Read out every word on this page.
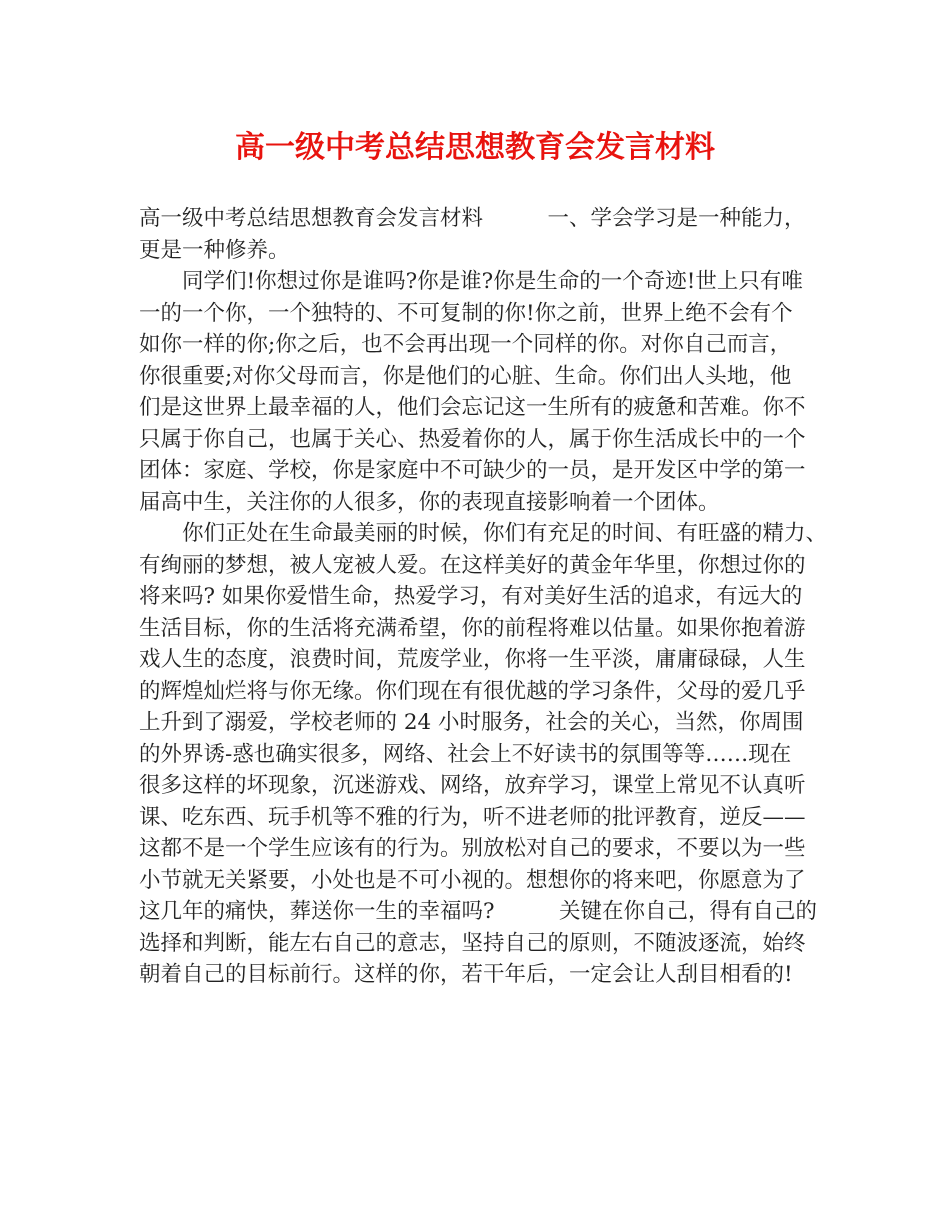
高一级中考总结思想教育会发言材料
高一级中考总结思想教育会发言材料　　　一、学会学习是一种能力，
更是一种修养。
同学们!你想过你是谁吗?你是谁?你是生命的一个奇迹!世上只有唯
一的一个你，一个独特的、不可复制的你!你之前，世界上绝不会有个
如你一样的你;你之后，也不会再出现一个同样的你。对你自己而言，
你很重要;对你父母而言，你是他们的心脏、生命。你们出人头地，他
们是这世界上最幸福的人，他们会忘记这一生所有的疲惫和苦难。你不
只属于你自己，也属于关心、热爱着你的人，属于你生活成长中的一个
团体：家庭、学校，你是家庭中不可缺少的一员，是开发区中学的第一
届高中生，关注你的人很多，你的表现直接影响着一个团体。
你们正处在生命最美丽的时候，你们有充足的时间、有旺盛的精力、
有绚丽的梦想，被人宠被人爱。在这样美好的黄金年华里，你想过你的
将来吗? 如果你爱惜生命，热爱学习，有对美好生活的追求，有远大的
生活目标，你的生活将充满希望，你的前程将难以估量。如果你抱着游
戏人生的态度，浪费时间，荒废学业，你将一生平淡，庸庸碌碌，人生
的辉煌灿烂将与你无缘。你们现在有很优越的学习条件，父母的爱几乎
上升到了溺爱，学校老师的 24 小时服务，社会的关心，当然，你周围
的外界诱-惑也确实很多，网络、社会上不好读书的氛围等等……现在
很多这样的坏现象，沉迷游戏、网络，放弃学习，课堂上常见不认真听
课、吃东西、玩手机等不雅的行为，听不进老师的批评教育，逆反——
这都不是一个学生应该有的行为。别放松对自己的要求，不要以为一些
小节就无关紧要，小处也是不可小视的。想想你的将来吧，你愿意为了
这几年的痛快，葬送你一生的幸福吗?　　　关键在你自己，得有自己的
选择和判断，能左右自己的意志，坚持自己的原则，不随波逐流，始终
朝着自己的目标前行。这样的你，若干年后，一定会让人刮目相看的!
